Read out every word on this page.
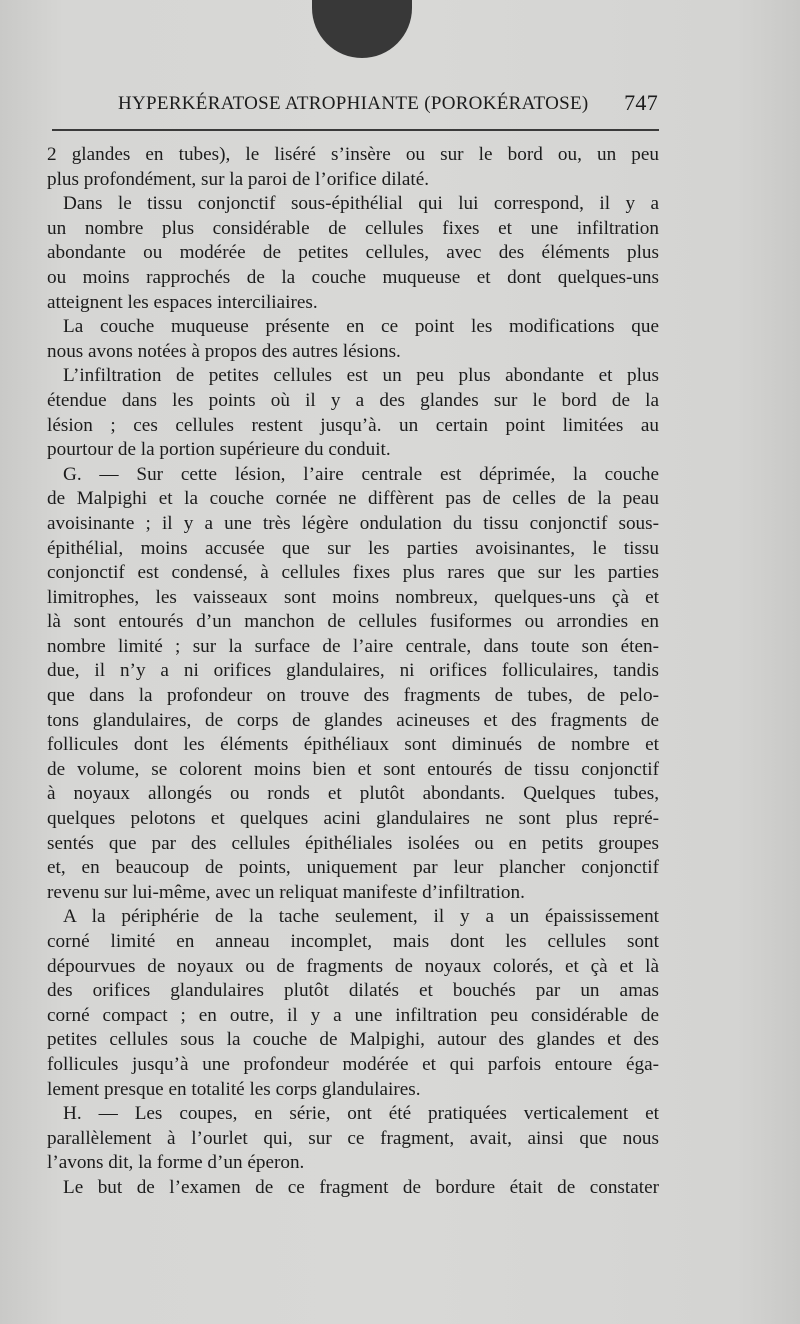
HYPERKÉRATOSE ATROPHIANTE (POROKÉRATOSE) 747
2 glandes en tubes), le liséré s’insère ou sur le bord ou, un peu
plus profondément, sur la paroi de l’orifice dilaté.
Dans le tissu conjonctif sous-épithélial qui lui correspond, il y a
un nombre plus considérable de cellules fixes et une infiltration
abondante ou modérée de petites cellules, avec des éléments plus
ou moins rapprochés de la couche muqueuse et dont quelques-uns
atteignent les espaces interciliaires.
La couche muqueuse présente en ce point les modifications que
nous avons notées à propos des autres lésions.
L’infiltration de petites cellules est un peu plus abondante et plus
étendue dans les points où il y a des glandes sur le bord de la
lésion ; ces cellules restent jusqu’à. un certain point limitées au
pourtour de la portion supérieure du conduit.
G. — Sur cette lésion, l’aire centrale est déprimée, la couche
de Malpighi et la couche cornée ne diffèrent pas de celles de la peau
avoisinante ; il y a une très légère ondulation du tissu conjonctif sous-
épithélial, moins accusée que sur les parties avoisinantes, le tissu
conjonctif est condensé, à cellules fixes plus rares que sur les parties
limitrophes, les vaisseaux sont moins nombreux, quelques-uns çà et
là sont entourés d’un manchon de cellules fusiformes ou arrondies en
nombre limité ; sur la surface de l’aire centrale, dans toute son éten-
due, il n’y a ni orifices glandulaires, ni orifices folliculaires, tandis
que dans la profondeur on trouve des fragments de tubes, de pelo-
tons glandulaires, de corps de glandes acineuses et des fragments de
follicules dont les éléments épithéliaux sont diminués de nombre et
de volume, se colorent moins bien et sont entourés de tissu conjonctif
à noyaux allongés ou ronds et plutôt abondants. Quelques tubes,
quelques pelotons et quelques acini glandulaires ne sont plus repré-
sentés que par des cellules épithéliales isolées ou en petits groupes
et, en beaucoup de points, uniquement par leur plancher conjonctif
revenu sur lui-même, avec un reliquat manifeste d’infiltration.
A la périphérie de la tache seulement, il y a un épaississement
corné limité en anneau incomplet, mais dont les cellules sont
dépourvues de noyaux ou de fragments de noyaux colorés, et çà et là
des orifices glandulaires plutôt dilatés et bouchés par un amas
corné compact ; en outre, il y a une infiltration peu considérable de
petites cellules sous la couche de Malpighi, autour des glandes et des
follicules jusqu’à une profondeur modérée et qui parfois entoure éga-
lement presque en totalité les corps glandulaires.
H. — Les coupes, en série, ont été pratiquées verticalement et
parallèlement à l’ourlet qui, sur ce fragment, avait, ainsi que nous
l’avons dit, la forme d’un éperon.
Le but de l’examen de ce fragment de bordure était de constater
